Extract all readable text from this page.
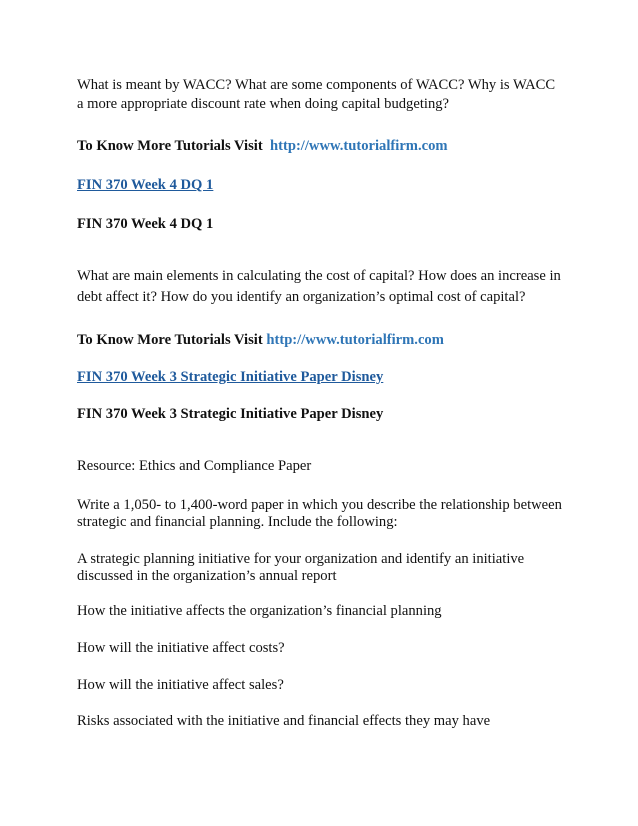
What is meant by WACC? What are some components of WACC? Why is WACC
a more appropriate discount rate when doing capital budgeting?
To Know More Tutorials Visit http://www.tutorialfirm.com
FIN 370 Week 4 DQ 1
FIN 370 Week 4 DQ 1
What are main elements in calculating the cost of capital? How does an increase in
debt affect it? How do you identify an organization’s optimal cost of capital?
To Know More Tutorials Visit http://www.tutorialfirm.com
FIN 370 Week 3 Strategic Initiative Paper Disney
FIN 370 Week 3 Strategic Initiative Paper Disney
Resource: Ethics and Compliance Paper
Write a 1,050- to 1,400-word paper in which you describe the relationship between
strategic and financial planning. Include the following:
A strategic planning initiative for your organization and identify an initiative
discussed in the organization’s annual report
How the initiative affects the organization’s financial planning
How will the initiative affect costs?
How will the initiative affect sales?
Risks associated with the initiative and financial effects they may have
